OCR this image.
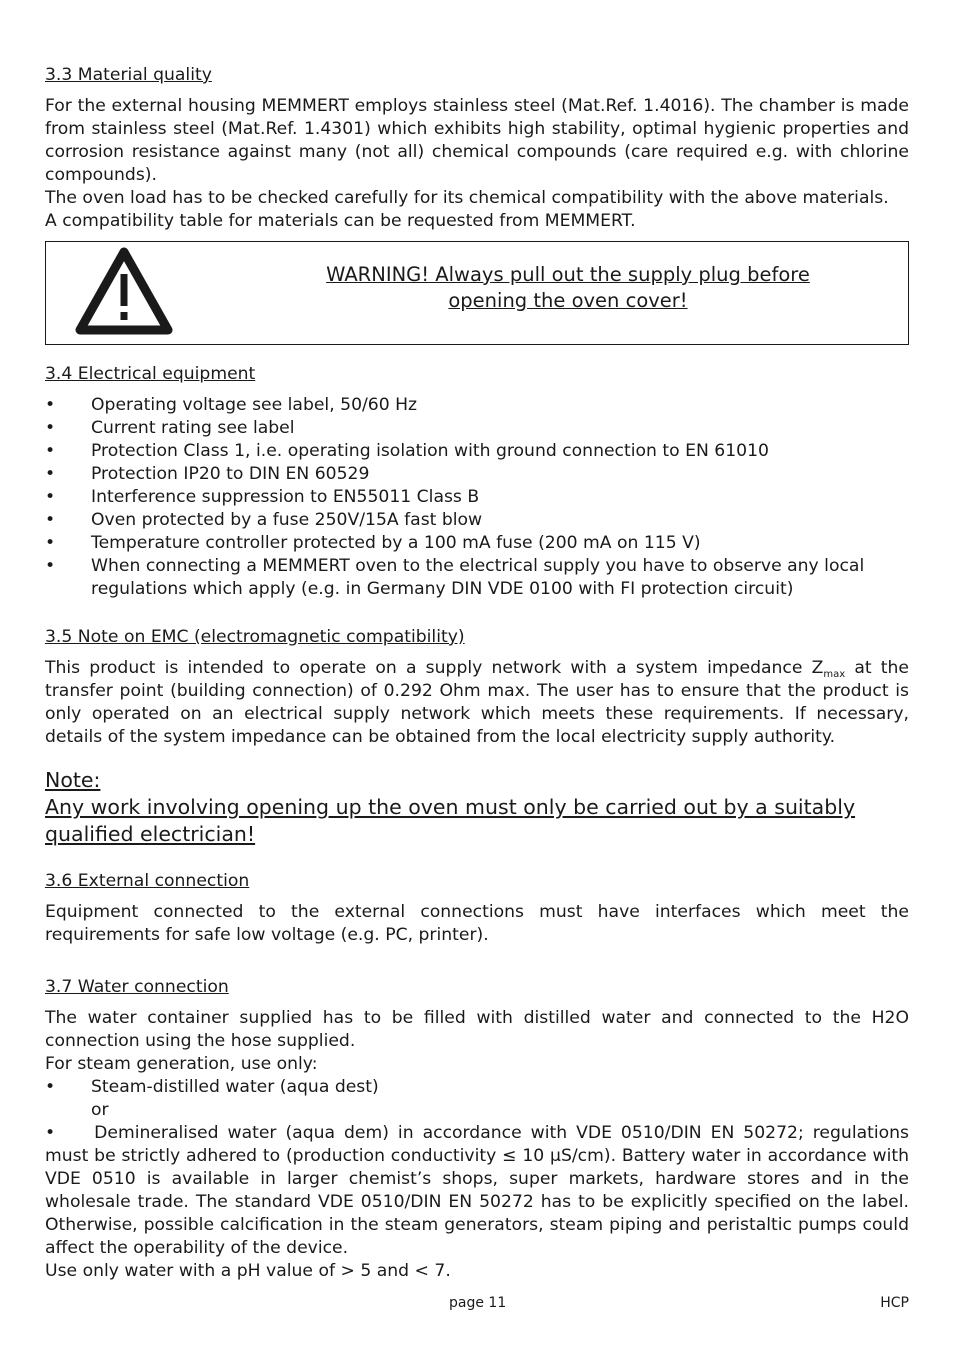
3.3 Material quality

For the external housing MEMMERT employs stainless steel (Mat.Ref. 1.4016). The chamber is made from stainless steel (Mat.Ref. 1.4301) which exhibits high stability, optimal hygienic properties and corrosion resistance against many (not all) chemical compounds (care required e.g. with chlorine compounds).

The oven load has to be checked carefully for its chemical compatibility with the above materials.

A compatibility table for materials can be requested from MEMMERT.

WARNING! Always pull out the supply plug before
opening the oven cover!

3.4 Electrical equipment

• Operating voltage see label, 50/60 Hz
• Current rating see label
• Protection Class 1, i.e. operating isolation with ground connection to EN 61010
• Protection IP20 to DIN EN 60529
• Interference suppression to EN55011 Class B
• Oven protected by a fuse 250V/15A fast blow
• Temperature controller protected by a 100 mA fuse (200 mA on 115 V)
• When connecting a MEMMERT oven to the electrical supply you have to observe any local regulations which apply (e.g. in Germany DIN VDE 0100 with FI protection circuit)

3.5 Note on EMC (electromagnetic compatibility)

This product is intended to operate on a supply network with a system impedance $Z_{max}$ at the transfer point (building connection) of 0.292 Ohm max. The user has to ensure that the product is only operated on an electrical supply network which meets these requirements. If necessary, details of the system impedance can be obtained from the local electricity supply authority.

Note:

Any work involving opening up the oven must only be carried out by a suitably qualified electrician!

3.6 External connection

Equipment connected to the external connections must have interfaces which meet the requirements for safe low voltage (e.g. PC, printer).

3.7 Water connection

The water container supplied has to be filled with distilled water and connected to the H2O connection using the hose supplied.

For steam generation, use only:

• Steam-distilled water (aqua dest)
or

• Demineralised water (aqua dem) in accordance with VDE 0510/DIN EN 50272; regulations must be strictly adhered to (production conductivity ≤ 10 μS/cm). Battery water in accordance with VDE 0510 is available in larger chemist’s shops, super markets, hardware stores and in the wholesale trade. The standard VDE 0510/DIN EN 50272 has to be explicitly specified on the label. Otherwise, possible calcification in the steam generators, steam piping and peristaltic pumps could affect the operability of the device.

Use only water with a pH value of > 5 and < 7.

page 11	HCP
